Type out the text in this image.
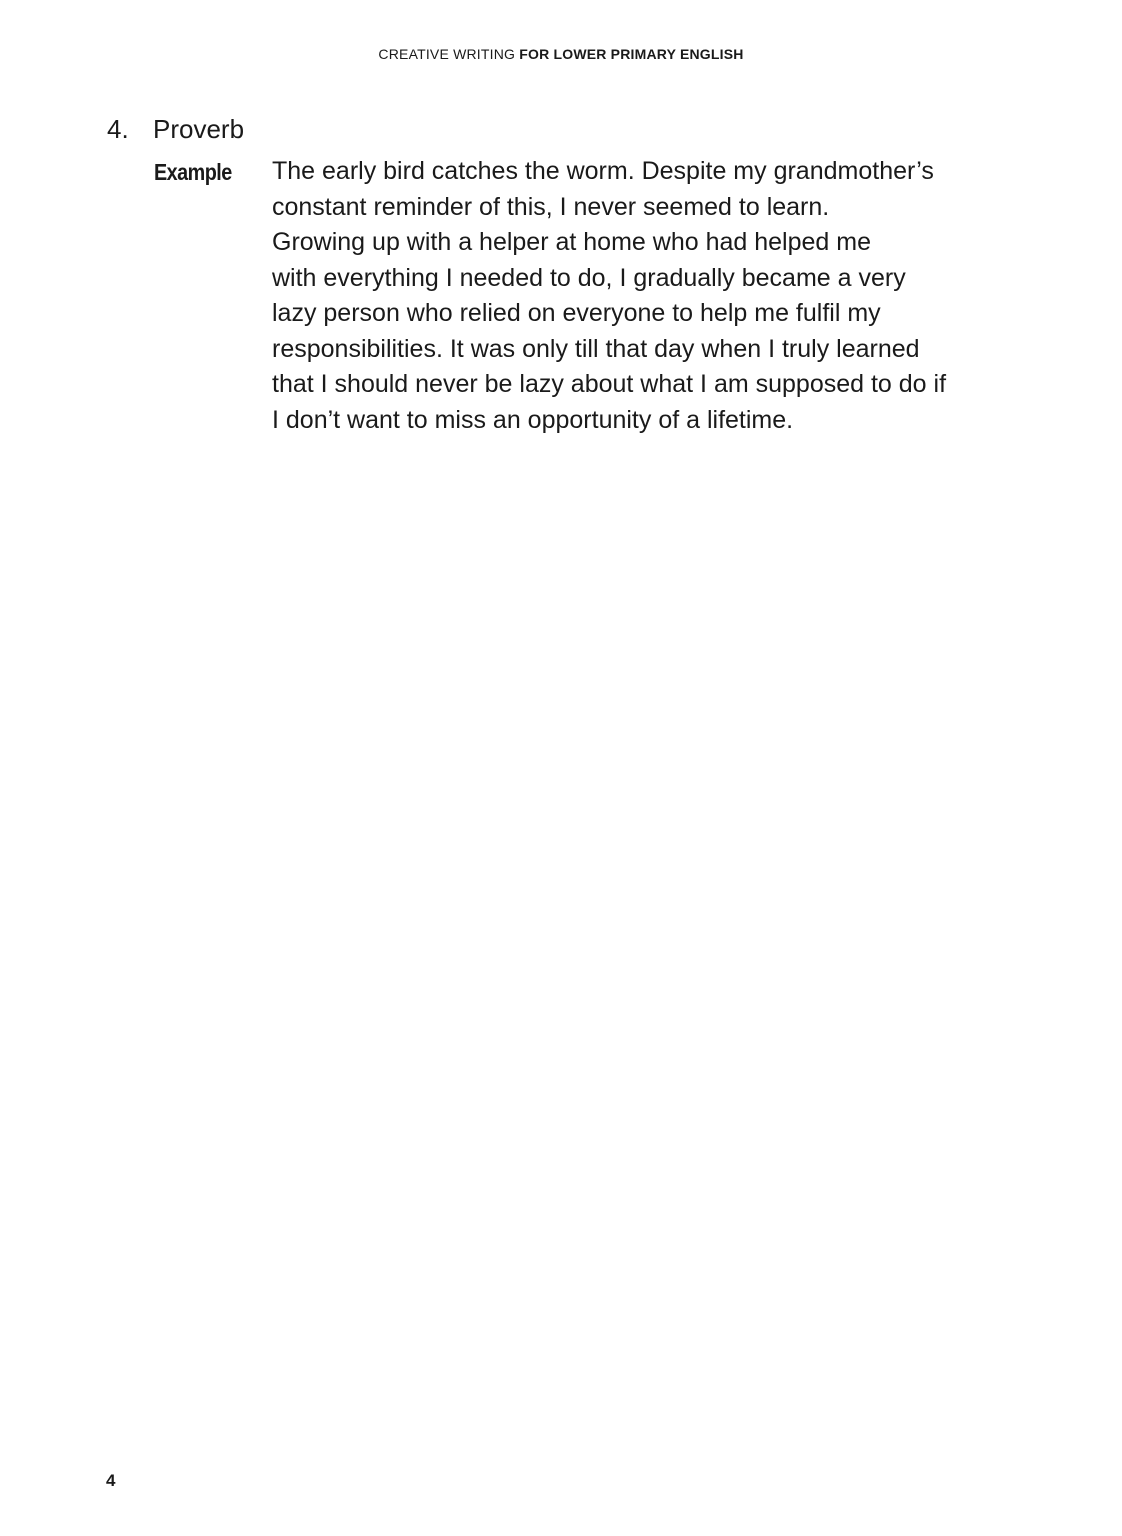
CREATIVE WRITING FOR LOWER PRIMARY ENGLISH
4. Proverb
Example The early bird catches the worm. Despite my grandmother’s
constant reminder of this, I never seemed to learn.
Growing up with a helper at home who had helped me
with everything I needed to do, I gradually became a very
lazy person who relied on everyone to help me fulfil my
responsibilities. It was only till that day when I truly learned
that I should never be lazy about what I am supposed to do if
I don’t want to miss an opportunity of a lifetime.
4
